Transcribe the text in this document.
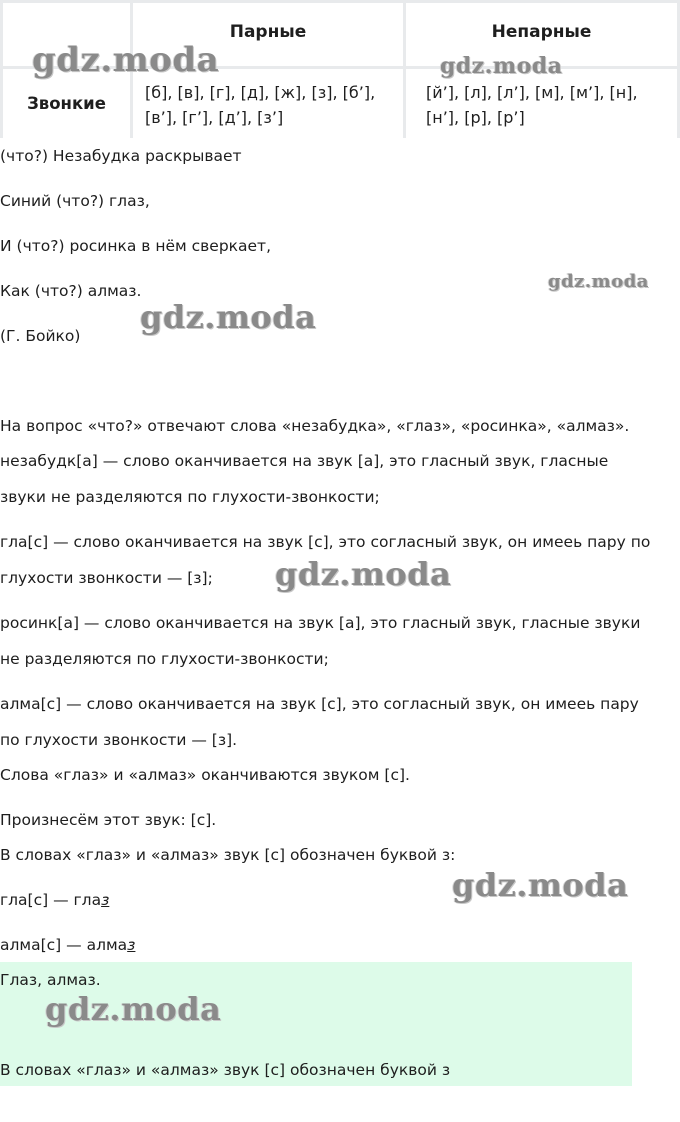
Парные	Непарные
Звонкие
[б], [в], [г], [д], [ж], [з], [б’],
[в’], [г’], [д’], [з’]
[й’], [л], [л’], [м], [м’], [н],
[н’], [р], [р’]
(что?) Незабудка раскрывает
Синий (что?) глаз,
И (что?) росинка в нём сверкает,
Как (что?) алмаз.
(Г. Бойко)
На вопрос «что?» отвечают слова «незабудка», «глаз», «росинка», «алмаз».
незабудк[а] — слово оканчивается на звук [а], это гласный звук, гласные
звуки не разделяются по глухости-звонкости;
гла[с] — слово оканчивается на звук [с], это согласный звук, он имееь пару по
глухости звонкости — [з];
росинк[а] — слово оканчивается на звук [а], это гласный звук, гласные звуки
не разделяются по глухости-звонкости;
алма[с] — слово оканчивается на звук [с], это согласный звук, он имееь пару
по глухости звонкости — [з].
Слова «глаз» и «алмаз» оканчиваются звуком [с].
Произнесём этот звук: [с].
В словах «глаз» и «алмаз» звук [с] обозначен буквой з:
гла[с] — глаз
алма[с] — алмаз
Глаз, алмаз.
В словах «глаз» и «алмаз» звук [с] обозначен буквой з
gdz.moda	gdz.moda
gdz.moda
gdz.moda
gdz.moda
gdz.moda
gdz.moda
